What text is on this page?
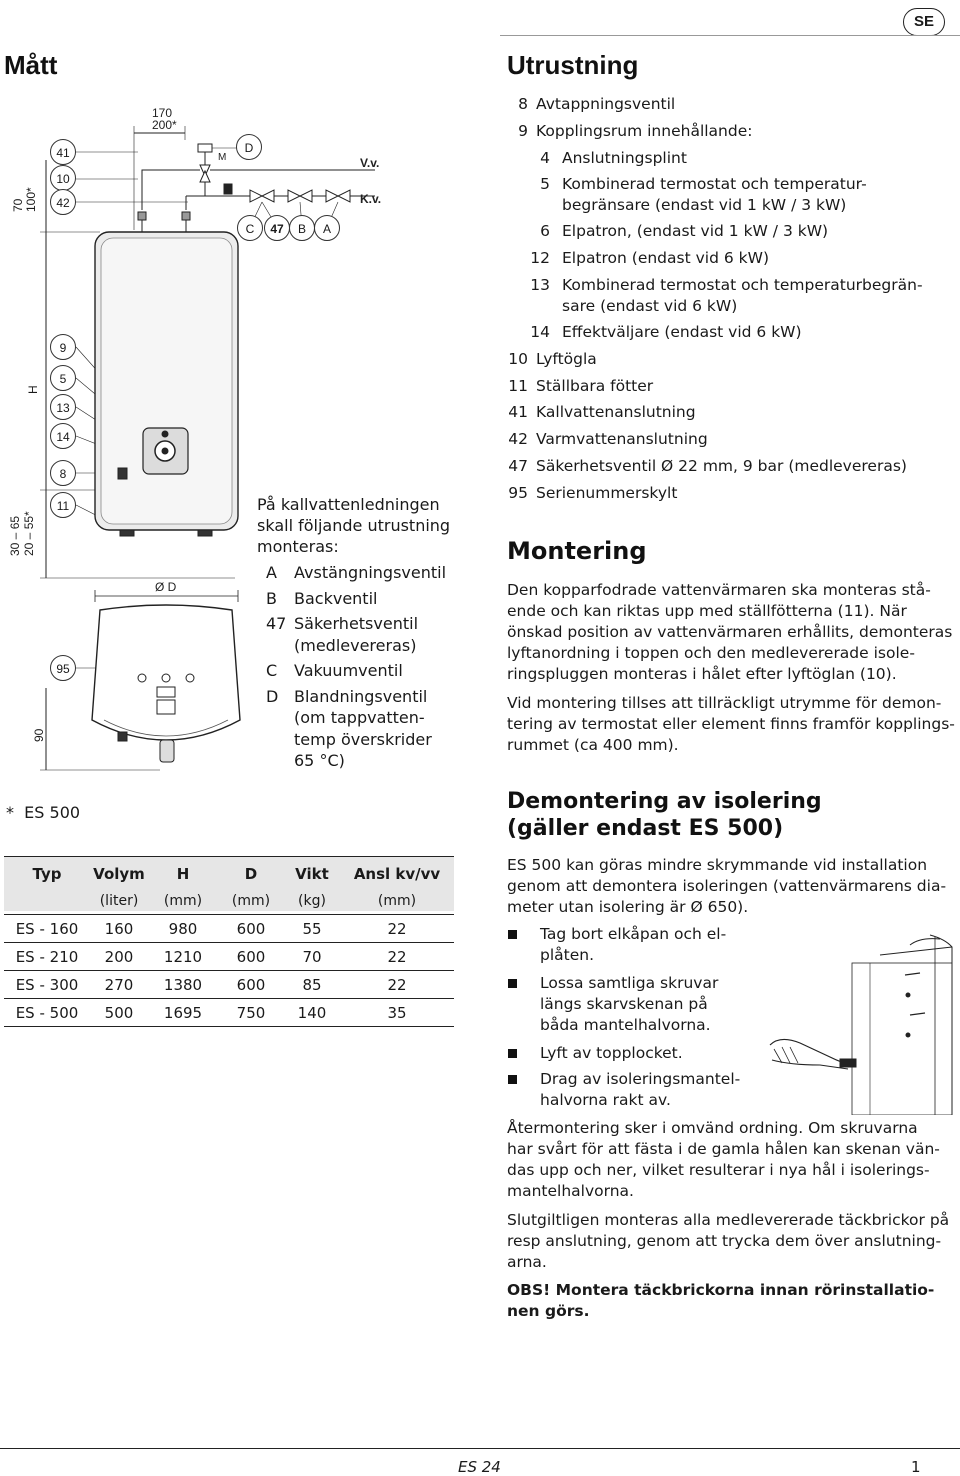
SE
Mått
M
170
200*
70 100*
H
30 – 65 20 – 55*
90
Ø D
V.v.
K.v.
41
10
42
9
5
13
14
8
11
95
D
C	47	B	A
På kallvattenledningen
skall följande utrustning
monteras:
A	Avstängningsventil
B	Backventil
47 Säkerhetsventil
(medlevereras)
C	Vakuumventil
D Blandningsventil
(om tappvatten-
temp överskrider
65 °C)
*  ES 500
Typ	Volym	H	D	Vikt	Ansl kv/vv
	(liter)	(mm)	(mm)	(kg)	(mm)
ES - 160	160	980	600	55	22
ES - 210	200	1210	600	70	22
ES - 300	270	1380	600	85	22
ES - 500	500	1695	750	140	35
Utrustning
8 Avtappningsventil
9 Kopplingsrum innehållande:
4 Anslutningsplint
5 Kombinerad termostat och temperatur-
begränsare (endast vid 1 kW / 3 kW)
6 Elpatron, (endast vid 1 kW / 3 kW)
12 Elpatron (endast vid 6 kW)
13 Kombinerad termostat och temperaturbegrän-
sare (endast vid 6 kW)
14 Effektväljare (endast vid 6 kW)
10 Lyftögla
11 Ställbara fötter
41 Kallvattenanslutning
42 Varmvattenanslutning
47 Säkerhetsventil Ø 22 mm, 9 bar (medlevereras)
95 Serienummerskylt
Montering
Den kopparfodrade vattenvärmaren ska monteras stå-
ende och kan riktas upp med ställfötterna (11). När
önskad position av vattenvärmaren erhållits, demonteras
lyftanordning i toppen och den medlevererade isole-
ringspluggen monteras i hålet efter lyftöglan (10).
Vid montering tillses att tillräckligt utrymme för demon-
tering av termostat eller element finns framför kopplings-
rummet (ca 400 mm).
Demontering av isolering
(gäller endast ES 500)
ES 500 kan göras mindre skrymmande vid installation
genom att demontera isoleringen (vattenvärmarens dia-
meter utan isolering är Ø 650).
Tag bort elkåpan och el-
plåten.
Lossa samtliga skruvar
längs skarvskenan på
båda mantelhalvorna.
Lyft av topplocket.
Drag av isoleringsmantel-
halvorna rakt av.
Återmontering sker i omvänd ordning. Om skruvarna
har svårt för att fästa i de gamla hålen kan skenan vän-
das upp och ner, vilket resulterar i nya hål i isolerings-
mantelhalvorna.
Slutgiltligen monteras alla medlevererade täckbrickor på
resp anslutning, genom att trycka dem över anslutning-
arna.
OBS! Montera täckbrickorna innan rörinstallatio-
nen görs.
ES 24	1
